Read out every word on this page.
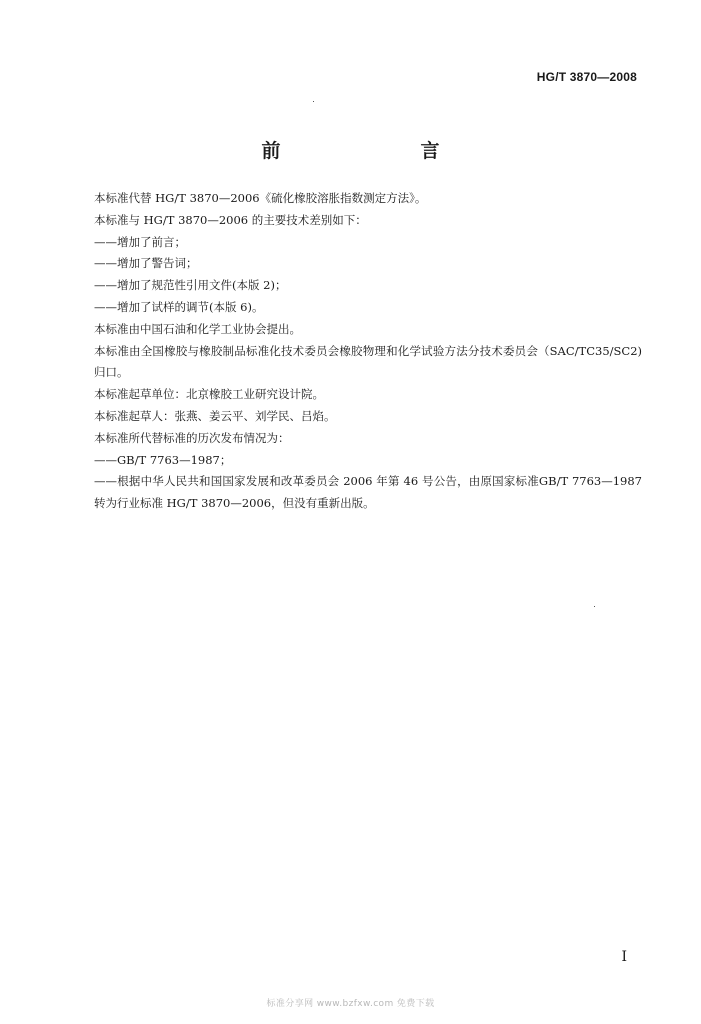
HG/T 3870—2008
前　　言

本标准代替 HG/T 3870—2006《硫化橡胶溶胀指数测定方法》。

本标准与 HG/T 3870—2006 的主要技术差别如下：

——增加了前言；

——增加了警告词；

——增加了规范性引用文件(本版 2)；

——增加了试样的调节(本版 6)。

本标准由中国石油和化学工业协会提出。

本标准由全国橡胶与橡胶制品标准化技术委员会橡胶物理和化学试验方法分技术委员会（SAC/TC35/SC2)归口。

本标准起草单位：北京橡胶工业研究设计院。

本标准起草人：张燕、姜云平、刘学民、吕焰。

本标准所代替标准的历次发布情况为：

——GB/T 7763—1987；

——根据中华人民共和国国家发展和改革委员会 2006 年第 46 号公告，由原国家标准GB/T 7763—1987 转为行业标准 HG/T 3870—2006，但没有重新出版。

I
标准分享网 www.bzfxw.com 免费下载
